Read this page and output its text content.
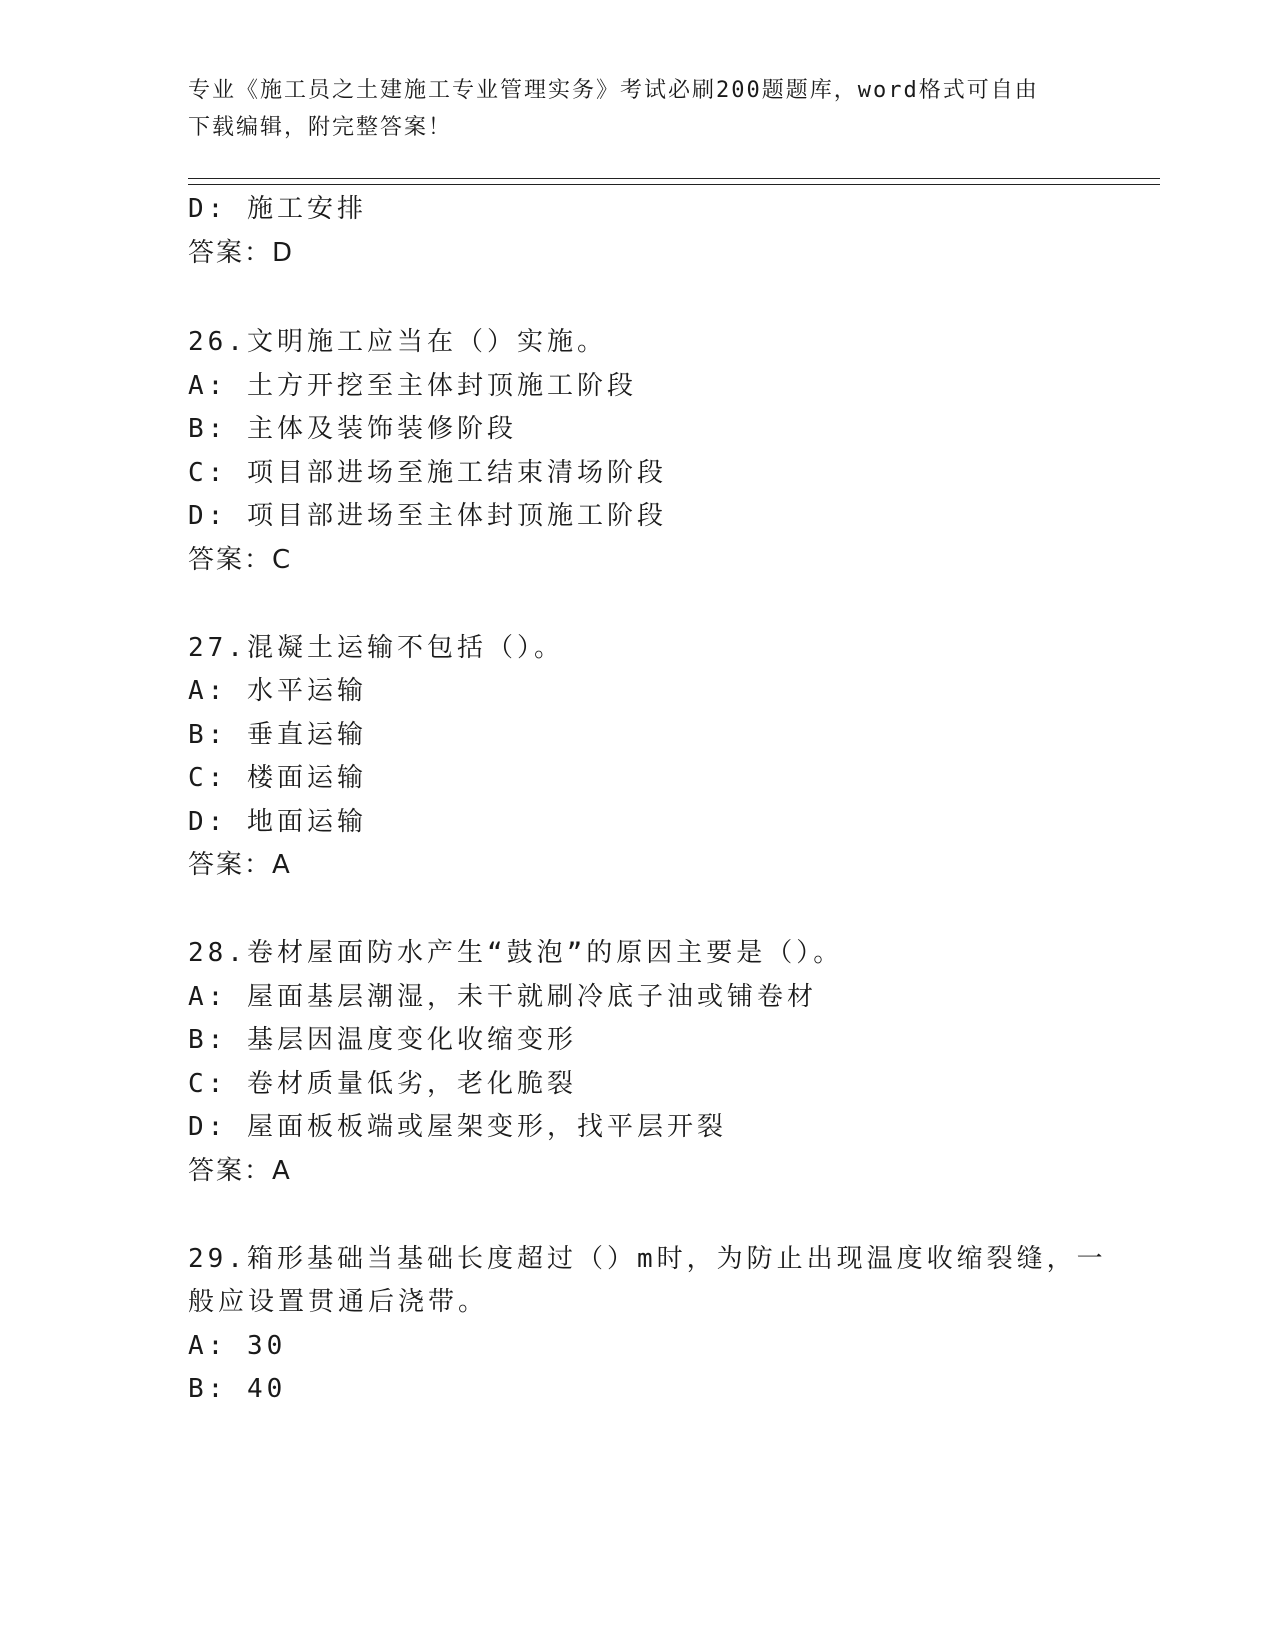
专业《施工员之土建施工专业管理实务》考试必刷200题题库，word格式可自由
下载编辑，附完整答案！
D: 施工安排
答案：D
26.文明施工应当在（）实施。
A: 土方开挖至主体封顶施工阶段
B: 主体及装饰装修阶段
C: 项目部进场至施工结束清场阶段
D: 项目部进场至主体封顶施工阶段
答案：C
27.混凝土运输不包括（）。
A: 水平运输
B: 垂直运输
C: 楼面运输
D: 地面运输
答案：A
28.卷材屋面防水产生“鼓泡”的原因主要是（）。
A: 屋面基层潮湿，未干就刷冷底子油或铺卷材
B: 基层因温度变化收缩变形
C: 卷材质量低劣，老化脆裂
D: 屋面板板端或屋架变形，找平层开裂
答案：A
29.箱形基础当基础长度超过（）m时，为防止出现温度收缩裂缝，一
般应设置贯通后浇带。
A: 30
B: 40
